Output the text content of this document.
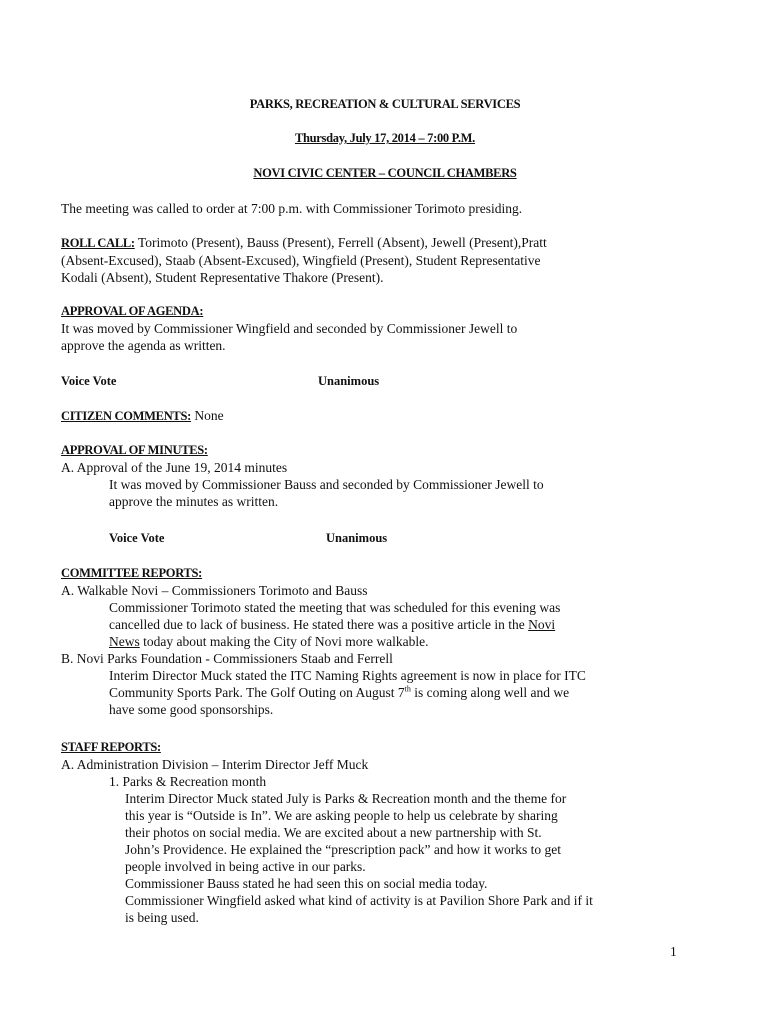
PARKS, RECREATION & CULTURAL SERVICES
Thursday, July 17, 2014 – 7:00 P.M.
NOVI CIVIC CENTER – COUNCIL CHAMBERS
The meeting was called to order at 7:00 p.m. with Commissioner Torimoto presiding.
ROLL CALL: Torimoto (Present), Bauss (Present), Ferrell (Absent), Jewell (Present),Pratt
(Absent-Excused), Staab (Absent-Excused), Wingfield (Present), Student Representative
Kodali (Absent), Student Representative Thakore (Present).
APPROVAL OF AGENDA:
It was moved by Commissioner Wingfield and seconded by Commissioner Jewell to
approve the agenda as written.
Voice Vote	Unanimous
CITIZEN COMMENTS: None
APPROVAL OF MINUTES:
A. Approval of the June 19, 2014 minutes
It was moved by Commissioner Bauss and seconded by Commissioner Jewell to
approve the minutes as written.
Voice Vote	Unanimous
COMMITTEE REPORTS:
A. Walkable Novi – Commissioners Torimoto and Bauss
Commissioner Torimoto stated the meeting that was scheduled for this evening was
cancelled due to lack of business. He stated there was a positive article in the Novi
News today about making the City of Novi more walkable.
B. Novi Parks Foundation - Commissioners Staab and Ferrell
Interim Director Muck stated the ITC Naming Rights agreement is now in place for ITC
Community Sports Park. The Golf Outing on August 7th is coming along well and we
have some good sponsorships.
STAFF REPORTS:
A. Administration Division – Interim Director Jeff Muck
1. Parks & Recreation month
Interim Director Muck stated July is Parks & Recreation month and the theme for
this year is “Outside is In”. We are asking people to help us celebrate by sharing
their photos on social media. We are excited about a new partnership with St.
John’s Providence. He explained the “prescription pack” and how it works to get
people involved in being active in our parks.
Commissioner Bauss stated he had seen this on social media today.
Commissioner Wingfield asked what kind of activity is at Pavilion Shore Park and if it
is being used.
1
